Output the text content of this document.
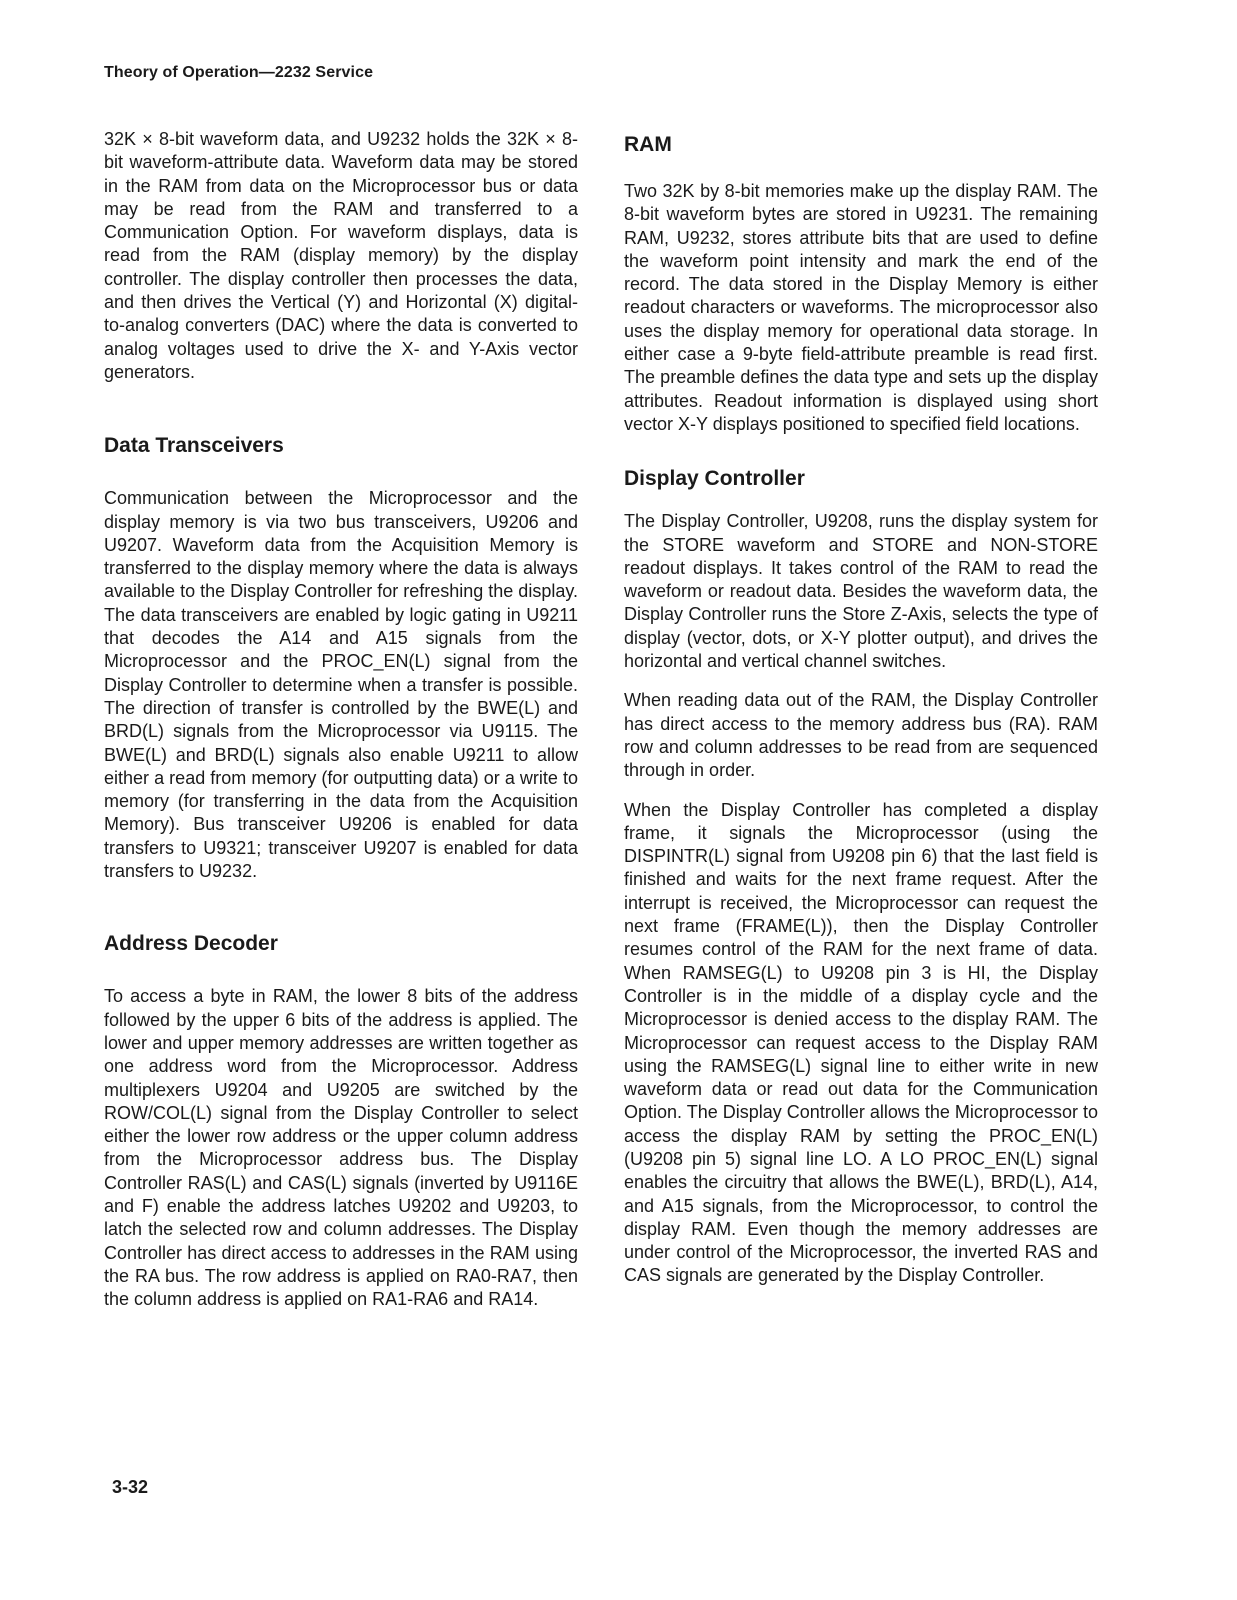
Theory of Operation—2232 Service

32K × 8-bit waveform data, and U9232 holds the 32K × 8-bit waveform-attribute data. Waveform data may be stored in the RAM from data on the Microprocessor bus or data may be read from the RAM and transferred to a Communication Option. For waveform displays, data is read from the RAM (display memory) by the display controller. The display controller then processes the data, and then drives the Vertical (Y) and Horizontal (X) digital-to-analog converters (DAC) where the data is converted to analog voltages used to drive the X- and Y-Axis vector generators.

Data Transceivers

Communication between the Microprocessor and the display memory is via two bus transceivers, U9206 and U9207. Waveform data from the Acquisition Memory is transferred to the display memory where the data is always available to the Display Controller for refreshing the display. The data transceivers are enabled by logic gating in U9211 that decodes the A14 and A15 signals from the Microprocessor and the PROC_EN(L) signal from the Display Controller to determine when a transfer is possible. The direction of transfer is controlled by the BWE(L) and BRD(L) signals from the Microprocessor via U9115. The BWE(L) and BRD(L) signals also enable U9211 to allow either a read from memory (for outputting data) or a write to memory (for transferring in the data from the Acquisition Memory). Bus transceiver U9206 is enabled for data transfers to U9321; transceiver U9207 is enabled for data transfers to U9232.

Address Decoder

To access a byte in RAM, the lower 8 bits of the address followed by the upper 6 bits of the address is applied. The lower and upper memory addresses are written together as one address word from the Microprocessor. Address multiplexers U9204 and U9205 are switched by the ROW/COL(L) signal from the Display Controller to select either the lower row address or the upper column address from the Microprocessor address bus. The Display Controller RAS(L) and CAS(L) signals (inverted by U9116E and F) enable the address latches U9202 and U9203, to latch the selected row and column addresses. The Display Controller has direct access to addresses in the RAM using the RA bus. The row address is applied on RA0-RA7, then the column address is applied on RA1-RA6 and RA14.

RAM

Two 32K by 8-bit memories make up the display RAM. The 8-bit waveform bytes are stored in U9231. The remaining RAM, U9232, stores attribute bits that are used to define the waveform point intensity and mark the end of the record. The data stored in the Display Memory is either readout characters or waveforms. The microprocessor also uses the display memory for operational data storage. In either case a 9-byte field-attribute preamble is read first. The preamble defines the data type and sets up the display attributes. Readout information is displayed using short vector X-Y displays positioned to specified field locations.

Display Controller

The Display Controller, U9208, runs the display system for the STORE waveform and STORE and NON-STORE readout displays. It takes control of the RAM to read the waveform or readout data. Besides the waveform data, the Display Controller runs the Store Z-Axis, selects the type of display (vector, dots, or X-Y plotter output), and drives the horizontal and vertical channel switches.

When reading data out of the RAM, the Display Controller has direct access to the memory address bus (RA). RAM row and column addresses to be read from are sequenced through in order.

When the Display Controller has completed a display frame, it signals the Microprocessor (using the DISPINTR(L) signal from U9208 pin 6) that the last field is finished and waits for the next frame request. After the interrupt is received, the Microprocessor can request the next frame (FRAME(L)), then the Display Controller resumes control of the RAM for the next frame of data. When RAMSEG(L) to U9208 pin 3 is HI, the Display Controller is in the middle of a display cycle and the Microprocessor is denied access to the display RAM. The Microprocessor can request access to the Display RAM using the RAMSEG(L) signal line to either write in new waveform data or read out data for the Communication Option. The Display Controller allows the Microprocessor to access the display RAM by setting the PROC_EN(L) (U9208 pin 5) signal line LO. A LO PROC_EN(L) signal enables the circuitry that allows the BWE(L), BRD(L), A14, and A15 signals, from the Microprocessor, to control the display RAM. Even though the memory addresses are under control of the Microprocessor, the inverted RAS and CAS signals are generated by the Display Controller.

3-32
